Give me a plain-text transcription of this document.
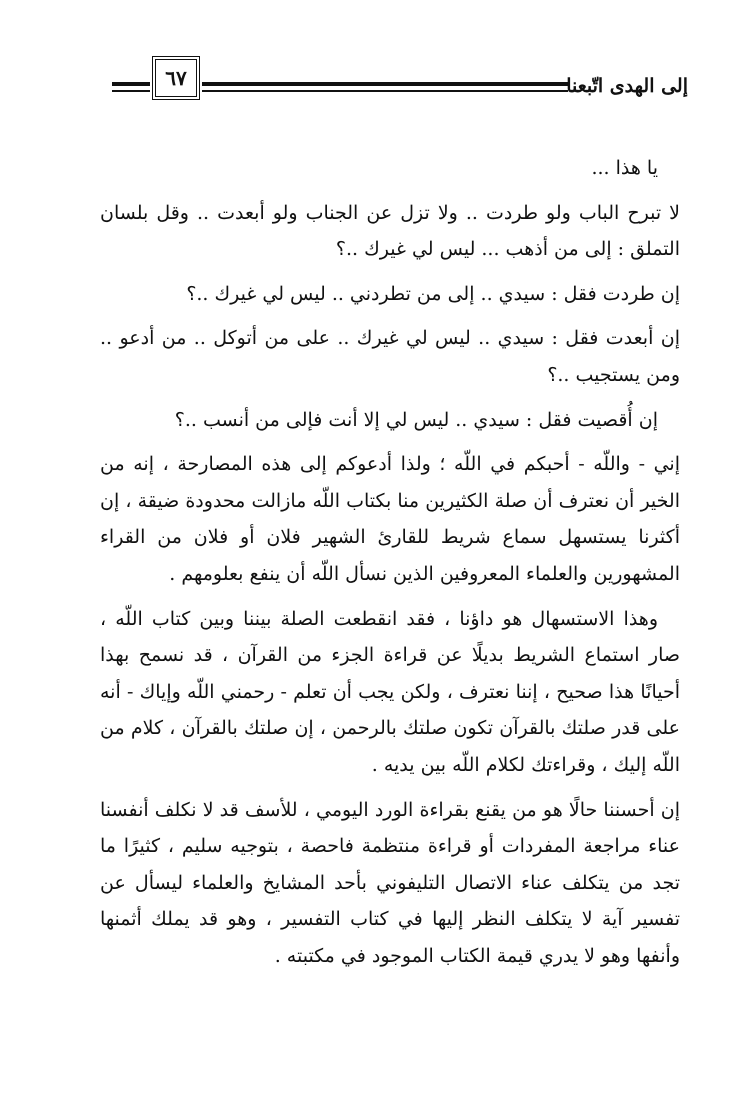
٦٧	إلى الهدى اتّبعنا

يا هذا ...

لا تبرح الباب ولو طردت .. ولا تزل عن الجناب ولو أبعدت .. وقل بلسان التملق : إلى من أذهب ... ليس لي غيرك ..؟

إن طردت فقل : سيدي .. إلى من تطردني .. ليس لي غيرك ..؟

إن أبعدت فقل : سيدي .. ليس لي غيرك .. على من أتوكل .. من أدعو .. ومن يستجيب ..؟

إن أُقصيت فقل : سيدي .. ليس لي إلا أنت فإلى من أنسب ..؟

إني - واللّه - أحبكم في اللّه ؛ ولذا أدعوكم إلى هذه المصارحة ، إنه من الخير أن نعترف أن صلة الكثيرين منا بكتاب اللّه مازالت محدودة ضيقة ، إن أكثرنا يستسهل سماع شريط للقارئ الشهير فلان أو فلان من القراء المشهورين والعلماء المعروفين الذين نسأل اللّه أن ينفع بعلومهم .

وهذا الاستسهال هو داؤنا ، فقد انقطعت الصلة بيننا وبين كتاب اللّه ، صار استماع الشريط بديلًا عن قراءة الجزء من القرآن ، قد نسمح بهذا أحيانًا هذا صحيح ، إننا نعترف ، ولكن يجب أن تعلم - رحمني اللّه وإياك - أنه على قدر صلتك بالقرآن تكون صلتك بالرحمن ، إن صلتك بالقرآن ، كلام من اللّه إليك ، وقراءتك لكلام اللّه بين يديه .

إن أحسننا حالًا هو من يقنع بقراءة الورد اليومي ، للأسف قد لا نكلف أنفسنا عناء مراجعة المفردات أو قراءة منتظمة فاحصة ، بتوجيه سليم ، كثيرًا ما تجد من يتكلف عناء الاتصال التليفوني بأحد المشايخ والعلماء ليسأل عن تفسير آية لا يتكلف النظر إليها في كتاب التفسير ، وهو قد يملك أثمنها وأنفها وهو لا يدري قيمة الكتاب الموجود في مكتبته .
